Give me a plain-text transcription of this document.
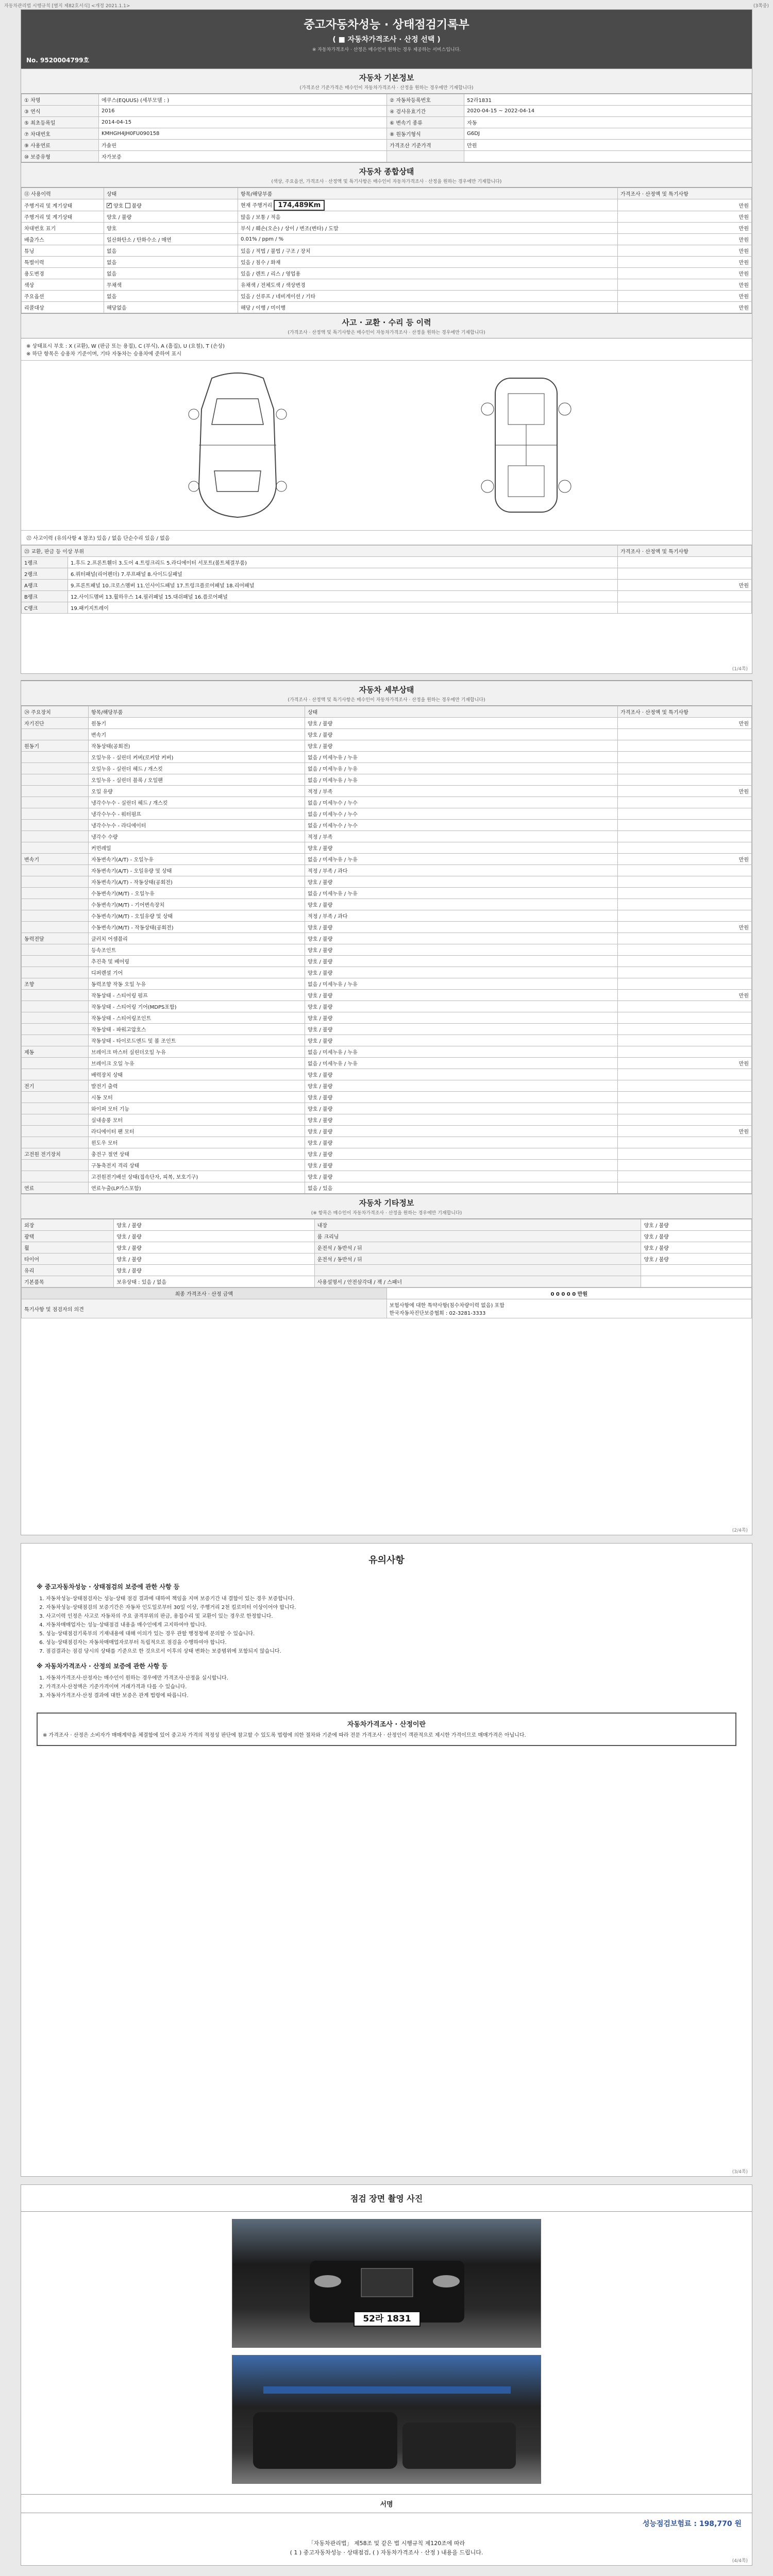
자동차관리법 시행규칙 [별지 제82호서식] <개정 2021.1.1>	(3쪽중)
중고자동차성능 · 상태점검기록부
( ■ 자동차가격조사 · 산정 선택 )

※ 자동차가격조사 · 산정은 매수인이 원하는 경우 제공하는 서비스입니다.

No. 9520004799호
자동차 기본정보
(가격조산 기준가격은 매수인이 자동차가격조사 · 산정을 원하는 경우에만 기재합니다)
① 차명	에쿠스(EQUUS) (세부모델 : )	② 자동차등록번호	52라1831
③ 연식	2016	④ 검사유효기간	2020-04-15 ~ 2022-04-14
⑤ 최초등록일	2014-04-15	⑥ 변속기 종류	자동
⑦ 차대번호	KMHGH4JH0FU090158	⑧ 원동기형식	G6DJ
⑨ 사용연료	가솔린	가격조산 기준가격	만원
⑩ 보증유형	자가보증		
자동차 종합상태
(색상, 주요옵션, 가격조사 · 산정액 및 특기사항은 매수인이 자동차가격조사 · 산정을 원하는 경우에만 기재합니다)
⑪ 사용이력	상태	항목/해당부품	가격조사 · 산정액 및 특기사항
주행거리 및 계기상태	✓양호 불량	현재 주행거리 174,489Km	만원
주행거리 및 계기상태	양호 / 불량	많음 / 보통 / 적음	만원
차대번호 표기	양호	부식 / 훼손(오손) / 상이 / 변조(변타) / 도말	만원
배출가스	일산화탄소 / 탄화수소 / 매연	0.01% / ppm / %	만원
튜닝	없음	있음 / 적법 / 불법 / 구조 / 장치	만원
특별이력	없음	있음 / 침수 / 화재	만원
용도변경	없음	있음 / 렌트 / 리스 / 영업용	만원
색상	무채색	유채색 / 전체도색 / 색상변경	만원
주요옵션	없음	있음 / 선루프 / 네비게이션 / 기타	만원
리콜대상	해당없음	해당 / 이행 / 미이행	만원
사고 · 교환 · 수리 등 이력
(가격조사 · 산정액 및 특기사항은 매수인이 자동차가격조사 · 산정을 원하는 경우에만 기재합니다)
※ 상태표시 부호 : X (교환), W (판금 또는 용접), C (부식), A (흠집), U (요철), T (손상)
※ 하단 항목은 승용차 기준이며, 기타 자동차는 승용차에 준하여 표시
㉒ 사고이력 (유의사항 4 참조) 있음 / 없음 단순수리 있음 / 없음
㉓ 교환, 판금 등 이상 부위		가격조사 · 산정액 및 특기사항
1랭크	1.후드 2.프론트휀더 3.도어 4.트렁크리드 5.라디에이터 서포트(볼트체결부품)	
2랭크	6.쿼터패널(리어펜더) 7.루프패널 8.사이드실패널	
A랭크	9.프론트패널 10.크로스멤버 11.인사이드패널 17.트렁크플로어패널 18.리어패널	만원
B랭크	12.사이드멤버 13.휠하우스 14.필러패널 15.대쉬패널 16.플로어패널	
C랭크	19.패키지트레이	
(1/4쪽)
자동차 세부상태
(가격조사 · 산정액 및 특기사항은 매수인이 자동차가격조사 · 산정을 원하는 경우에만 기재합니다)
㉔ 주요장치	항목/해당부품	상태	가격조사 · 산정액 및 특기사항
자기진단	원동기	양호 / 불량	만원
	변속기	양호 / 불량	
원동기	작동상태(공회전)	양호 / 불량	
	오일누유 - 실린더 커버(로커암 커버)	없음 / 미세누유 / 누유	
	오일누유 - 실린더 헤드 / 개스킷	없음 / 미세누유 / 누유	
	오일누유 - 실린더 블록 / 오일팬	없음 / 미세누유 / 누유	
	오일 유량	적정 / 부족	만원
	냉각수누수 - 실린더 헤드 / 개스킷	없음 / 미세누수 / 누수	
	냉각수누수 - 워터펌프	없음 / 미세누수 / 누수	
	냉각수누수 - 라디에이터	없음 / 미세누수 / 누수	
	냉각수 수량	적정 / 부족	
	커먼레일	양호 / 불량	
변속기	자동변속기(A/T) - 오일누유	없음 / 미세누유 / 누유	만원
	자동변속기(A/T) - 오일유량 및 상태	적정 / 부족 / 과다	
	자동변속기(A/T) - 작동상태(공회전)	양호 / 불량	
	수동변속기(M/T) - 오일누유	없음 / 미세누유 / 누유	
	수동변속기(M/T) - 기어변속장치	양호 / 불량	
	수동변속기(M/T) - 오일유량 및 상태	적정 / 부족 / 과다	
	수동변속기(M/T) - 작동상태(공회전)	양호 / 불량	만원
동력전달	클러치 어셈블리	양호 / 불량	
	등속조인트	양호 / 불량	
	추진축 및 베어링	양호 / 불량	
	디퍼렌셜 기어	양호 / 불량	
조향	동력조향 작동 오일 누유	없음 / 미세누유 / 누유	
	작동상태 - 스티어링 펌프	양호 / 불량	만원
	작동상태 - 스티어링 기어(MDPS포함)	양호 / 불량	
	작동상태 - 스티어링조인트	양호 / 불량	
	작동상태 - 파워고압호스	양호 / 불량	
	작동상태 - 타이로드엔드 및 볼 조인트	양호 / 불량	
제동	브레이크 마스터 실린더오일 누유	없음 / 미세누유 / 누유	
	브레이크 오일 누유	없음 / 미세누유 / 누유	만원
	배력장치 상태	양호 / 불량	
전기	발전기 출력	양호 / 불량	
	시동 모터	양호 / 불량	
	와이퍼 모터 기능	양호 / 불량	
	실내송풍 모터	양호 / 불량	
	라디에이터 팬 모터	양호 / 불량	만원
	윈도우 모터	양호 / 불량	
고전원 전기장치	충전구 절연 상태	양호 / 불량	
	구동축전지 격리 상태	양호 / 불량	
	고전원전기배선 상태(접속단자, 피복, 보호기구)	양호 / 불량	
연료	연료누출(LP가스포함)	없음 / 있음	
자동차 기타정보
(※ 항목은 매수인이 자동차가격조사 · 산정을 원하는 경우에만 기재합니다)
외장	양호 / 불량	내장	양호 / 불량
광택	양호 / 불량	룸 크리닝	양호 / 불량
휠	양호 / 불량	운전석 / 동반석 / 뒤	양호 / 불량
타이어	양호 / 불량	운전석 / 동반석 / 뒤	양호 / 불량
유리	양호 / 불량		
기본품목	보유상태 : 있음 / 없음	사용설명서 / 안전삼각대 / 잭 / 스패너	
최종 가격조사 · 산정 금액	0 0 0 0 0 만원
특기사항 및 점검자의 의견	보험사항에 대한 특약사항(침수차량이력 없음) 포함
한국자동차진단보증협회 : 02-3281-3333
(2/4쪽)
유의사항
※ 중고자동차성능 · 상태점검의 보증에 관한 사항 등
1. 자동차성능·상태점검자는 성능·상태 점검 결과에 대하여 책임을 지며 보증기간 내 결함이 있는 경우 보증합니다.
2. 자동차성능·상태점검의 보증기간은 자동차 인도일로부터 30일 이상, 주행거리 2천 킬로미터 이상이어야 합니다.
3. 사고이력 인정은 사고로 자동차의 주요 골격부위의 판금, 용접수리 및 교환이 있는 경우로 한정합니다.
4. 자동차매매업자는 성능·상태점검 내용을 매수인에게 고지하여야 합니다.
5. 성능·상태점검기록부의 기재내용에 대해 이의가 있는 경우 관할 행정청에 문의할 수 있습니다.
6. 성능·상태점검자는 자동차매매업자로부터 독립적으로 점검을 수행하여야 합니다.
7. 점검결과는 점검 당시의 상태를 기준으로 한 것으로서 이후의 상태 변화는 보증범위에 포함되지 않습니다.
※ 자동차가격조사 · 산정의 보증에 관한 사항 등
1. 자동차가격조사·산정자는 매수인이 원하는 경우에만 가격조사·산정을 실시합니다.
2. 가격조사·산정액은 기준가격이며 거래가격과 다를 수 있습니다.
3. 자동차가격조사·산정 결과에 대한 보증은 관계 법령에 따릅니다.
자동차가격조사 · 산정이란
※ 가격조사 · 산정은 소비자가 매매계약을 체결함에 있어 중고차 가격의 적정성 판단에 참고할 수 있도록 법령에 의한 절차와 기준에 따라 전문 가격조사 · 산정인이 객관적으로 제시한 가격이므로 매매가격은 아닙니다.
(3/4쪽)
점검 장면 촬영 사진
52라 1831
서명
성능점검보험료 : 198,770 원
「자동차관리법」 제58조 및 같은 법 시행규칙 제120조에 따라
( 1 ) 중고자동차성능 · 상태점검, ( ) 자동차가격조사 · 산정 ) 내용을 드립니다.
(4/4쪽)
